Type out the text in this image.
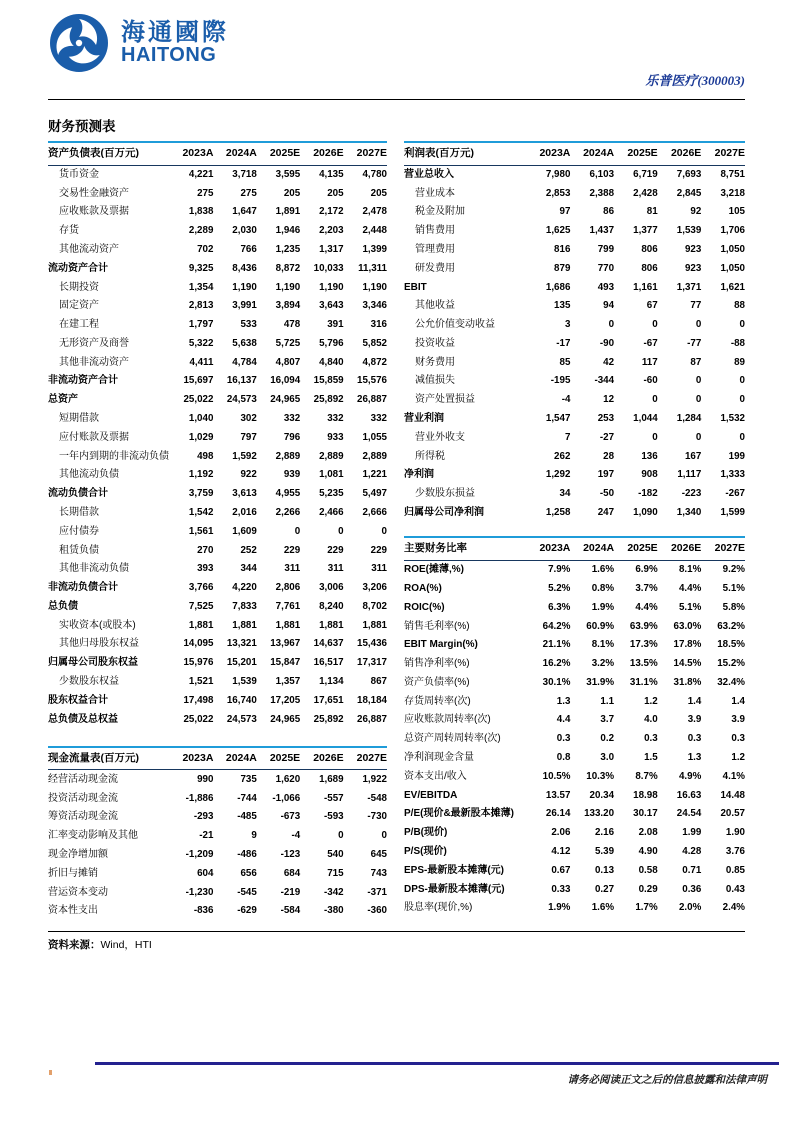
海通國際
HAITONG
乐普医疗(300003)
财务预测表
资产负债表(百万元)	2023A	2024A	2025E	2026E	2027E
货币资金	4,221	3,718	3,595	4,135	4,780
交易性金融资产	275	275	205	205	205
应收账款及票据	1,838	1,647	1,891	2,172	2,478
存货	2,289	2,030	1,946	2,203	2,448
其他流动资产	702	766	1,235	1,317	1,399
流动资产合计	9,325	8,436	8,872	10,033	11,311
长期投资	1,354	1,190	1,190	1,190	1,190
固定资产	2,813	3,991	3,894	3,643	3,346
在建工程	1,797	533	478	391	316
无形资产及商誉	5,322	5,638	5,725	5,796	5,852
其他非流动资产	4,411	4,784	4,807	4,840	4,872
非流动资产合计	15,697	16,137	16,094	15,859	15,576
总资产	25,022	24,573	24,965	25,892	26,887
短期借款	1,040	302	332	332	332
应付账款及票据	1,029	797	796	933	1,055
一年内到期的非流动负债	498	1,592	2,889	2,889	2,889
其他流动负债	1,192	922	939	1,081	1,221
流动负债合计	3,759	3,613	4,955	5,235	5,497
长期借款	1,542	2,016	2,266	2,466	2,666
应付债券	1,561	1,609	0	0	0
租赁负债	270	252	229	229	229
其他非流动负债	393	344	311	311	311
非流动负债合计	3,766	4,220	2,806	3,006	3,206
总负债	7,525	7,833	7,761	8,240	8,702
实收资本(或股本)	1,881	1,881	1,881	1,881	1,881
其他归母股东权益	14,095	13,321	13,967	14,637	15,436
归属母公司股东权益	15,976	15,201	15,847	16,517	17,317
少数股东权益	1,521	1,539	1,357	1,134	867
股东权益合计	17,498	16,740	17,205	17,651	18,184
总负债及总权益	25,022	24,573	24,965	25,892	26,887
现金流量表(百万元)	2023A	2024A	2025E	2026E	2027E
经营活动现金流	990	735	1,620	1,689	1,922
投资活动现金流	-1,886	-744	-1,066	-557	-548
筹资活动现金流	-293	-485	-673	-593	-730
汇率变动影响及其他	-21	9	-4	0	0
现金净增加额	-1,209	-486	-123	540	645
折旧与摊销	604	656	684	715	743
营运资本变动	-1,230	-545	-219	-342	-371
资本性支出	-836	-629	-584	-380	-360
利润表(百万元)	2023A	2024A	2025E	2026E	2027E
营业总收入	7,980	6,103	6,719	7,693	8,751
营业成本	2,853	2,388	2,428	2,845	3,218
税金及附加	97	86	81	92	105
销售费用	1,625	1,437	1,377	1,539	1,706
管理费用	816	799	806	923	1,050
研发费用	879	770	806	923	1,050
EBIT	1,686	493	1,161	1,371	1,621
其他收益	135	94	67	77	88
公允价值变动收益	3	0	0	0	0
投资收益	-17	-90	-67	-77	-88
财务费用	85	42	117	87	89
减值损失	-195	-344	-60	0	0
资产处置损益	-4	12	0	0	0
营业利润	1,547	253	1,044	1,284	1,532
营业外收支	7	-27	0	0	0
所得税	262	28	136	167	199
净利润	1,292	197	908	1,117	1,333
少数股东损益	34	-50	-182	-223	-267
归属母公司净利润	1,258	247	1,090	1,340	1,599
主要财务比率	2023A	2024A	2025E	2026E	2027E
ROE(摊薄,%)	7.9%	1.6%	6.9%	8.1%	9.2%
ROA(%)	5.2%	0.8%	3.7%	4.4%	5.1%
ROIC(%)	6.3%	1.9%	4.4%	5.1%	5.8%
销售毛利率(%)	64.2%	60.9%	63.9%	63.0%	63.2%
EBIT Margin(%)	21.1%	8.1%	17.3%	17.8%	18.5%
销售净利率(%)	16.2%	3.2%	13.5%	14.5%	15.2%
资产负债率(%)	30.1%	31.9%	31.1%	31.8%	32.4%
存货周转率(次)	1.3	1.1	1.2	1.4	1.4
应收账款周转率(次)	4.4	3.7	4.0	3.9	3.9
总资产周转周转率(次)	0.3	0.2	0.3	0.3	0.3
净利润现金含量	0.8	3.0	1.5	1.3	1.2
资本支出/收入	10.5%	10.3%	8.7%	4.9%	4.1%
EV/EBITDA	13.57	20.34	18.98	16.63	14.48
P/E(现价&最新股本摊薄)	26.14	133.20	30.17	24.54	20.57
P/B(现价)	2.06	2.16	2.08	1.99	1.90
P/S(现价)	4.12	5.39	4.90	4.28	3.76
EPS-最新股本摊薄(元)	0.67	0.13	0.58	0.71	0.85
DPS-最新股本摊薄(元)	0.33	0.27	0.29	0.36	0.43
股息率(现价,%)	1.9%	1.6%	1.7%	2.0%	2.4%
资料来源：Wind，HTI
请务必阅读正文之后的信息披露和法律声明
